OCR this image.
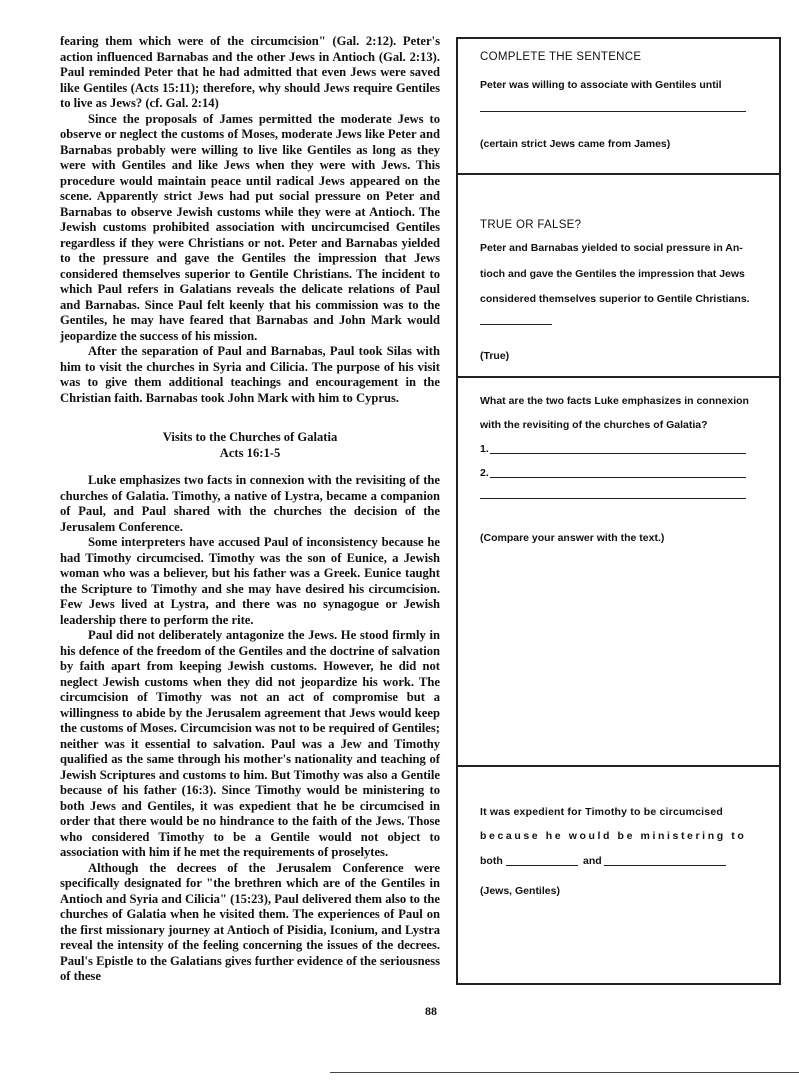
fearing them which were of the circumcision" (Gal. 2:12). Peter's action influenced Barnabas and the other Jews in Antioch (Gal. 2:13). Paul reminded Peter that he had admitted that even Jews were saved like Gentiles (Acts 15:11); therefore, why should Jews require Gentiles to live as Jews? (cf. Gal. 2:14)

Since the proposals of James permitted the moderate Jews to observe or neglect the customs of Moses, moderate Jews like Peter and Barnabas probably were willing to live like Gentiles as long as they were with Gentiles and like Jews when they were with Jews. This procedure would maintain peace until radical Jews appeared on the scene. Apparently strict Jews had put social pressure on Peter and Barnabas to observe Jewish customs while they were at Antioch. The Jewish customs prohibited association with uncircumcised Gentiles regardless if they were Christians or not. Peter and Barnabas yielded to the pressure and gave the Gentiles the impression that Jews considered themselves superior to Gentile Christians. The incident to which Paul refers in Galatians reveals the delicate relations of Paul and Barnabas. Since Paul felt keenly that his commission was to the Gentiles, he may have feared that Barnabas and John Mark would jeopardize the success of his mission.

After the separation of Paul and Barnabas, Paul took Silas with him to visit the churches in Syria and Cilicia. The purpose of his visit was to give them additional teachings and encouragement in the Christian faith. Barnabas took John Mark with him to Cyprus.

Visits to the Churches of Galatia
Acts 16:1-5

Luke emphasizes two facts in connexion with the revisiting of the churches of Galatia. Timothy, a native of Lystra, became a companion of Paul, and Paul shared with the churches the decision of the Jerusalem Conference.

Some interpreters have accused Paul of inconsistency because he had Timothy circumcised. Timothy was the son of Eunice, a Jewish woman who was a believer, but his father was a Greek. Eunice taught the Scripture to Timothy and she may have desired his circumcision. Few Jews lived at Lystra, and there was no synagogue or Jewish leadership there to perform the rite.

Paul did not deliberately antagonize the Jews. He stood firmly in his defence of the freedom of the Gentiles and the doctrine of salvation by faith apart from keeping Jewish customs. However, he did not neglect Jewish customs when they did not jeopardize his work. The circumcision of Timothy was not an act of compromise but a willingness to abide by the Jerusalem agreement that Jews would keep the customs of Moses. Circumcision was not to be required of Gentiles; neither was it essential to salvation. Paul was a Jew and Timothy qualified as the same through his mother's nationality and teaching of Jewish Scriptures and customs to him. But Timothy was also a Gentile because of his father (16:3). Since Timothy would be ministering to both Jews and Gentiles, it was expedient that he be circumcised in order that there would be no hindrance to the faith of the Jews. Those who considered Timothy to be a Gentile would not object to association with him if he met the requirements of proselytes.

Although the decrees of the Jerusalem Conference were specifically designated for "the brethren which are of the Gentiles in Antioch and Syria and Cilicia" (15:23), Paul delivered them also to the churches of Galatia when he visited them. The experiences of Paul on the first missionary journey at Antioch of Pisidia, Iconium, and Lystra reveal the intensity of the feeling concerning the issues of the decrees. Paul's Epistle to the Galatians gives further evidence of the seriousness of these

88
COMPLETE THE SENTENCE
Peter was willing to associate with Gentiles until
(certain strict Jews came from James)
TRUE OR FALSE?
Peter and Barnabas yielded to social pressure in An-
tioch and gave the Gentiles the impression that Jews
considered themselves superior to Gentile Christians.
(True)
What are the two facts Luke emphasizes in connexion
with the revisiting of the churches of Galatia?
1.
2.
(Compare your answer with the text.)
It was expedient for Timothy to be circumcised
because he would be ministering to
both	and
(Jews, Gentiles)
